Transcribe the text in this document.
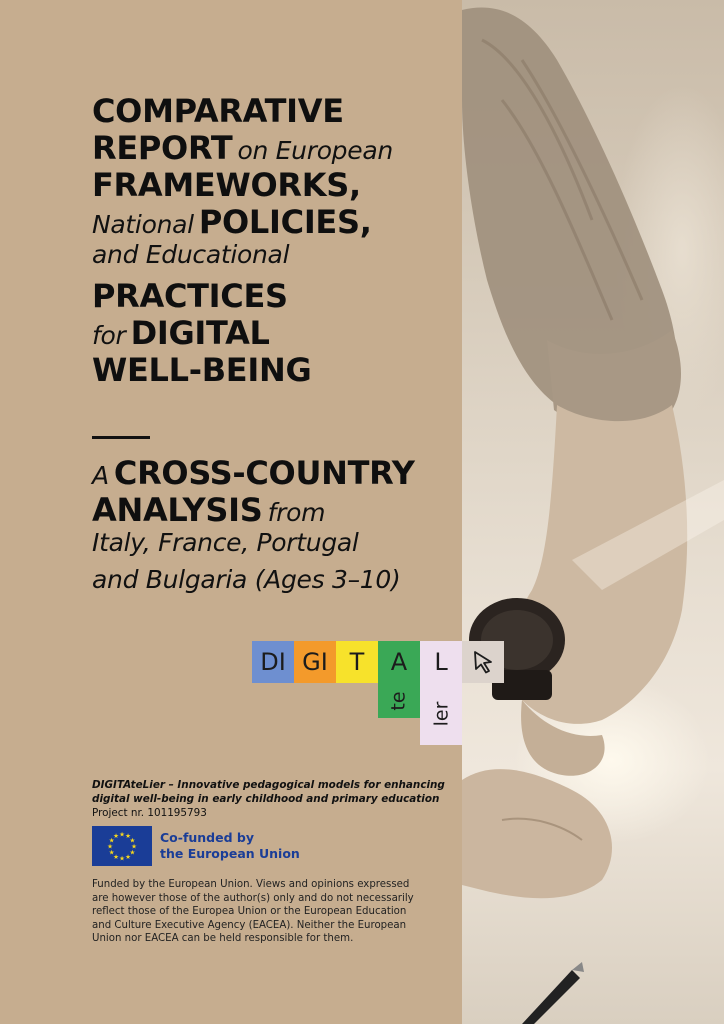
COMPARATIVE
REPORT on European
FRAMEWORKS,
National POLICIES,
and Educational
PRACTICES
for DIGITAL
WELL-BEING
A CROSS-COUNTRY
ANALYSIS from
Italy, France, Portugal
and Bulgaria (Ages 3–10)
DI GI T A L
te
ler
DIGITAteLier – Innovative pedagogical models for enhancing
digital well-being in early childhood and primary education
Project nr. 101195793
★ ★
★
★
★
★
★
★
★
★
★
★	Co-funded by
the European Union
Funded by the European Union. Views and opinions expressed
are however those of the author(s) only and do not necessarily
reflect those of the Europea Union or the European Education
and Culture Executive Agency (EACEA). Neither the European
Union nor EACEA can be held responsible for them.
